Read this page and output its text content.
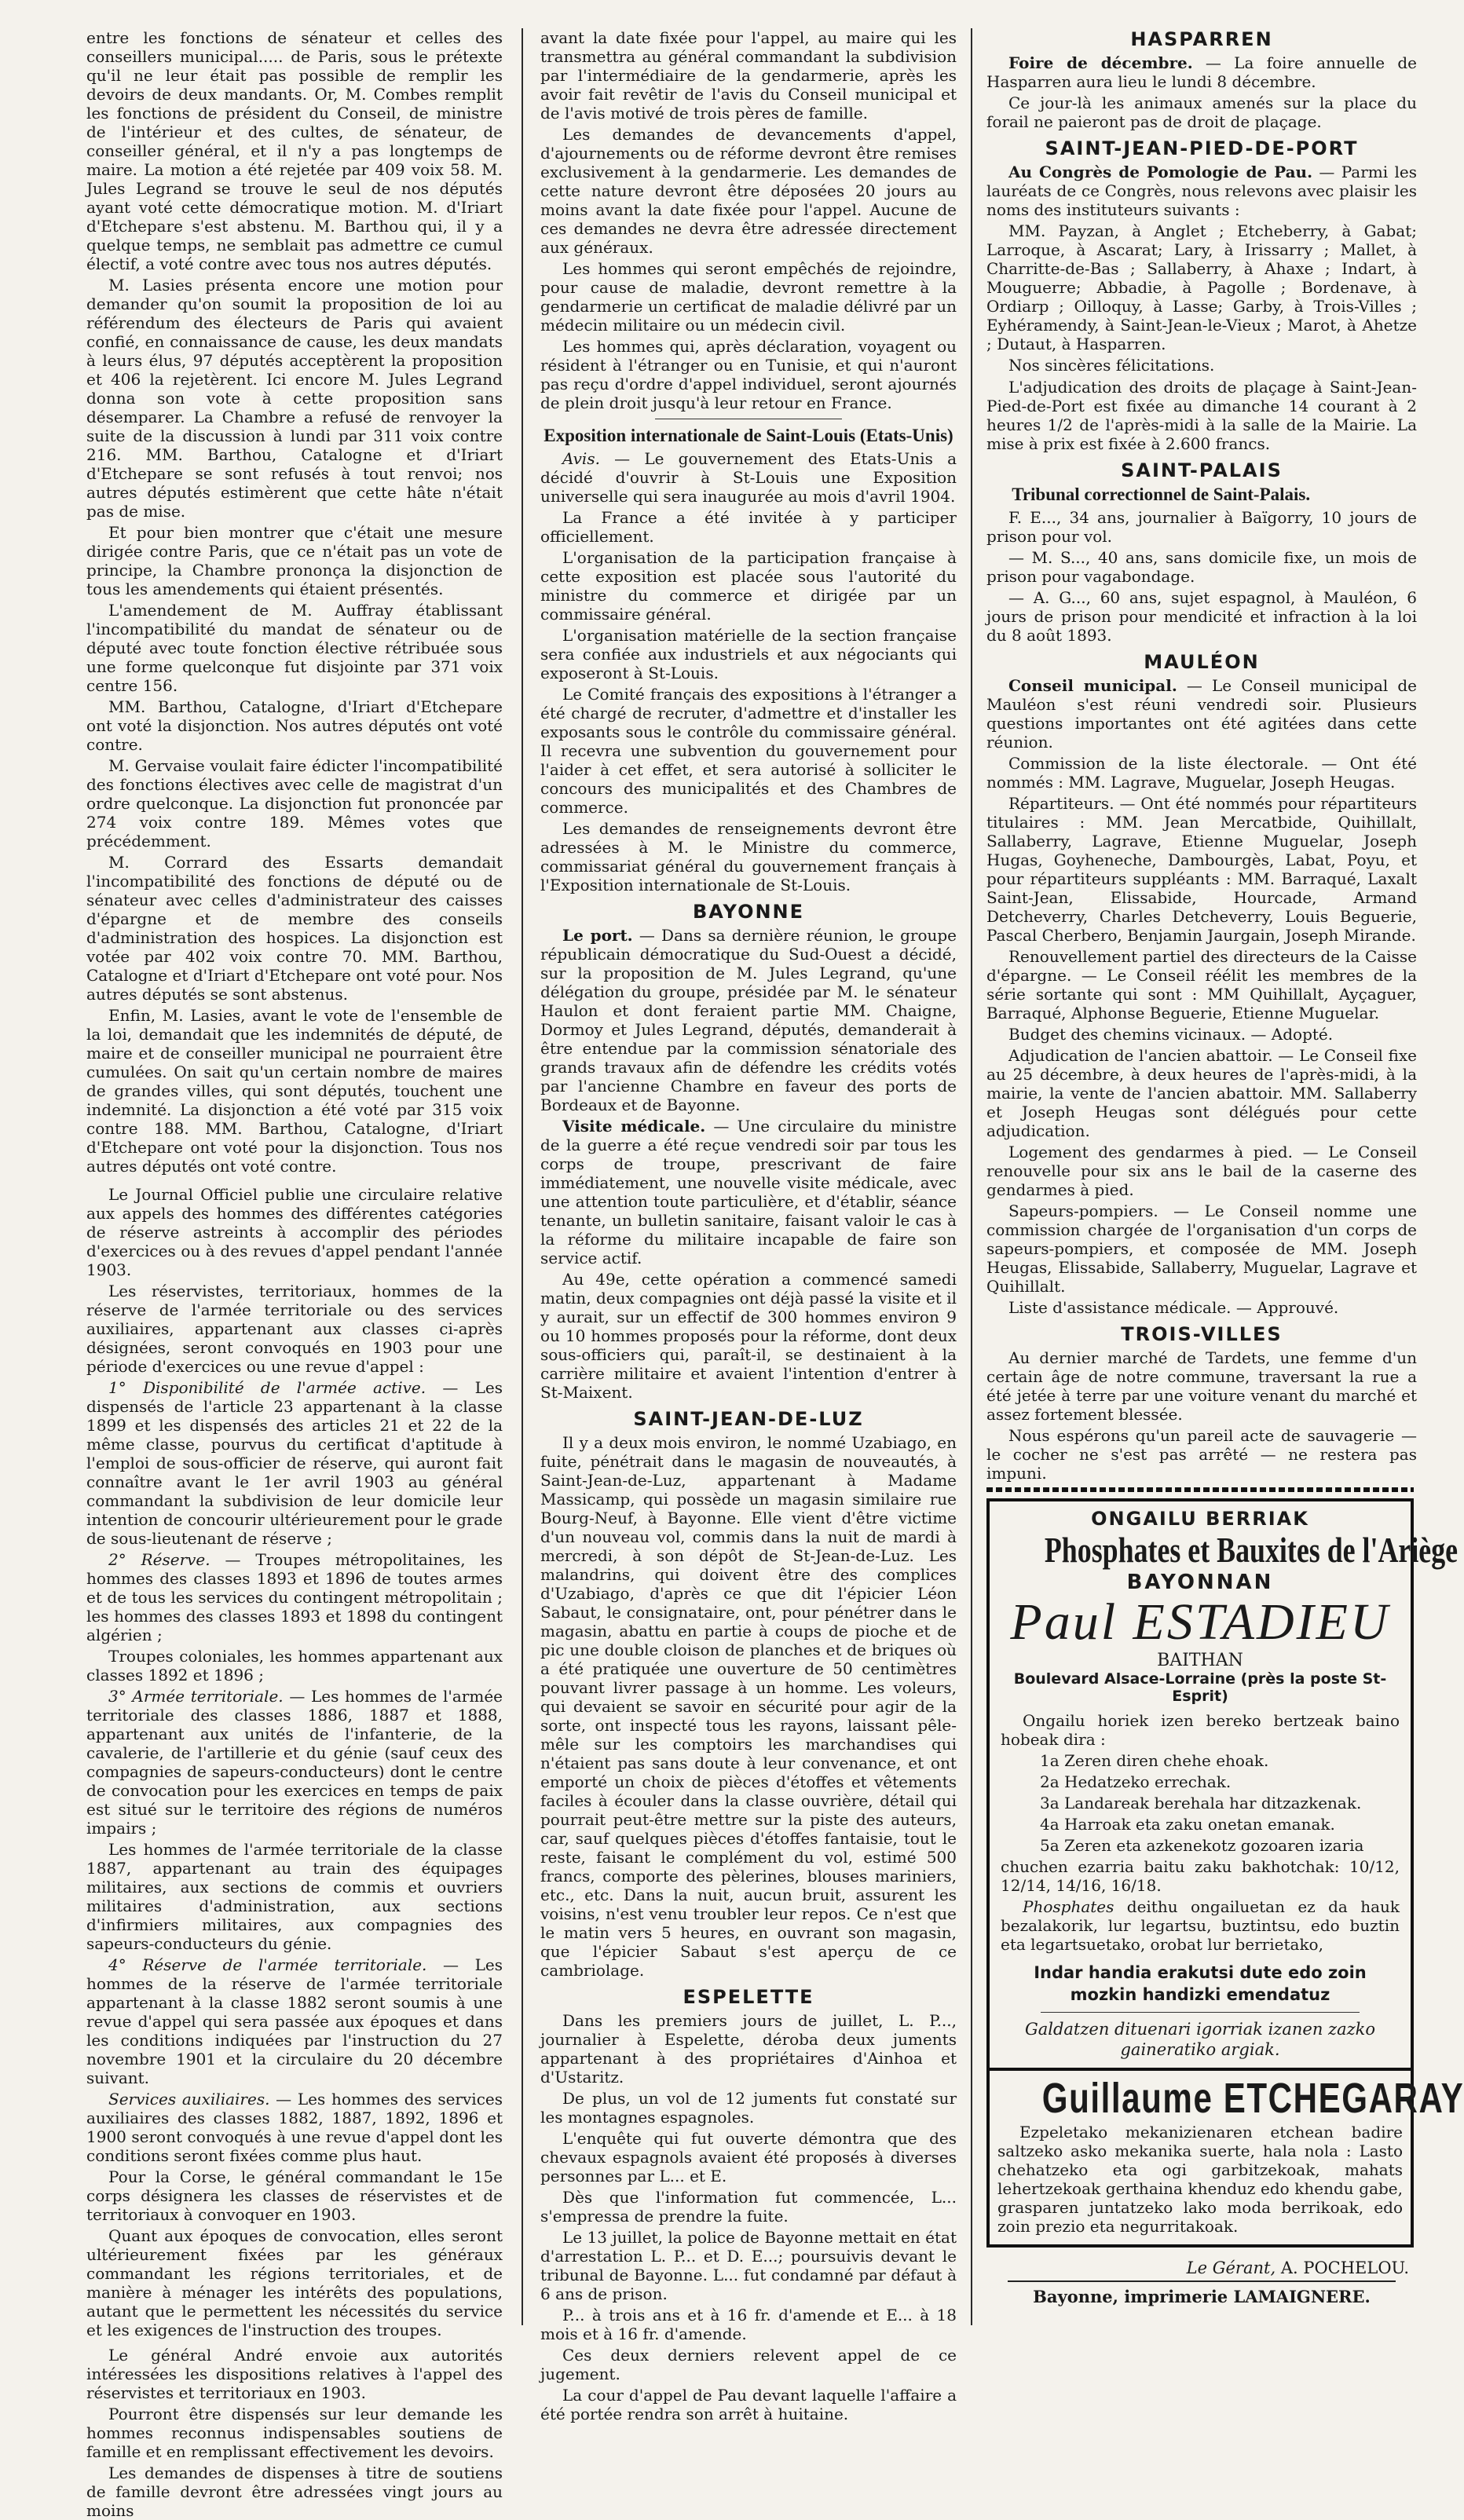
entre les fonctions de sénateur et celles des conseillers municipal..... de Paris, sous le prétexte qu'il ne leur était pas possible de remplir les devoirs de deux mandants. Or, M. Combes remplit les fonctions de président du Conseil, de ministre de l'intérieur et des cultes, de sénateur, de conseiller général, et il n'y a pas longtemps de maire. La motion a été rejetée par 409 voix 58. M. Jules Legrand se trouve le seul de nos députés ayant voté cette démocratique motion. M. d'Iriart d'Etchepare s'est abstenu. M. Barthou qui, il y a quelque temps, ne semblait pas admettre ce cumul électif, a voté contre avec tous nos autres députés.

M. Lasies présenta encore une motion pour demander qu'on soumit la proposition de loi au référendum des électeurs de Paris qui avaient confié, en connaissance de cause, les deux mandats à leurs élus, 97 députés acceptèrent la proposition et 406 la rejetèrent. Ici encore M. Jules Legrand donna son vote à cette proposition sans désemparer. La Chambre a refusé de renvoyer la suite de la discussion à lundi par 311 voix contre 216. MM. Barthou, Catalogne et d'Iriart d'Etchepare se sont refusés à tout renvoi; nos autres députés estimèrent que cette hâte n'était pas de mise.

Et pour bien montrer que c'était une mesure dirigée contre Paris, que ce n'était pas un vote de principe, la Chambre prononça la disjonction de tous les amendements qui étaient présentés.

L'amendement de M. Auffray établissant l'incompatibilité du mandat de sénateur ou de député avec toute fonction élective rétribuée sous une forme quelconque fut disjointe par 371 voix centre 156.

MM. Barthou, Catalogne, d'Iriart d'Etchepare ont voté la disjonction. Nos autres députés ont voté contre.

M. Gervaise voulait faire édicter l'incompatibilité des fonctions électives avec celle de magistrat d'un ordre quelconque. La disjonction fut prononcée par 274 voix contre 189. Mêmes votes que précédemment.

M. Corrard des Essarts demandait l'incompatibilité des fonctions de député ou de sénateur avec celles d'administrateur des caisses d'épargne et de membre des conseils d'administration des hospices. La disjonction est votée par 402 voix contre 70. MM. Barthou, Catalogne et d'Iriart d'Etchepare ont voté pour. Nos autres députés se sont abstenus.

Enfin, M. Lasies, avant le vote de l'ensemble de la loi, demandait que les indemnités de député, de maire et de conseiller municipal ne pourraient être cumulées. On sait qu'un certain nombre de maires de grandes villes, qui sont députés, touchent une indemnité. La disjonction a été voté par 315 voix contre 188. MM. Barthou, Catalogne, d'Iriart d'Etchepare ont voté pour la disjonction. Tous nos autres députés ont voté contre.

Le Journal Officiel publie une circulaire relative aux appels des hommes des différentes catégories de réserve astreints à accomplir des périodes d'exercices ou à des revues d'appel pendant l'année 1903.

Les réservistes, territoriaux, hommes de la réserve de l'armée territoriale ou des services auxiliaires, appartenant aux classes ci-après désignées, seront convoqués en 1903 pour une période d'exercices ou une revue d'appel :

1° Disponibilité de l'armée active. — Les dispensés de l'article 23 appartenant à la classe 1899 et les dispensés des articles 21 et 22 de la même classe, pourvus du certificat d'aptitude à l'emploi de sous-officier de réserve, qui auront fait connaître avant le 1er avril 1903 au général commandant la subdivision de leur domicile leur intention de concourir ultérieurement pour le grade de sous-lieutenant de réserve ;

2° Réserve. — Troupes métropolitaines, les hommes des classes 1893 et 1896 de toutes armes et de tous les services du contingent métropolitain ; les hommes des classes 1893 et 1898 du contingent algérien ;

Troupes coloniales, les hommes appartenant aux classes 1892 et 1896 ;

3° Armée territoriale. — Les hommes de l'armée territoriale des classes 1886, 1887 et 1888, appartenant aux unités de l'infanterie, de la cavalerie, de l'artillerie et du génie (sauf ceux des compagnies de sapeurs-conducteurs) dont le centre de convocation pour les exercices en temps de paix est situé sur le territoire des régions de numéros impairs ;

Les hommes de l'armée territoriale de la classe 1887, appartenant au train des équipages militaires, aux sections de commis et ouvriers militaires d'administration, aux sections d'infirmiers militaires, aux compagnies des sapeurs-conducteurs du génie.

4° Réserve de l'armée territoriale. — Les hommes de la réserve de l'armée territoriale appartenant à la classe 1882 seront soumis à une revue d'appel qui sera passée aux époques et dans les conditions indiquées par l'instruction du 27 novembre 1901 et la circulaire du 20 décembre suivant.

Services auxiliaires. — Les hommes des services auxiliaires des classes 1882, 1887, 1892, 1896 et 1900 seront convoqués à une revue d'appel dont les conditions seront fixées comme plus haut.

Pour la Corse, le général commandant le 15e corps désignera les classes de réservistes et de territoriaux à convoquer en 1903.

Quant aux époques de convocation, elles seront ultérieurement fixées par les généraux commandant les régions territoriales, et de manière à ménager les intérêts des populations, autant que le permettent les nécessités du service et les exigences de l'instruction des troupes.

Le général André envoie aux autorités intéressées les dispositions relatives à l'appel des réservistes et territoriaux en 1903.

Pourront être dispensés sur leur demande les hommes reconnus indispensables soutiens de famille et en remplissant effectivement les devoirs.

Les demandes de dispenses à titre de soutiens de famille devront être adressées vingt jours au moins

avant la date fixée pour l'appel, au maire qui les transmettra au général commandant la subdivision par l'intermédiaire de la gendarmerie, après les avoir fait revêtir de l'avis du Conseil municipal et de l'avis motivé de trois pères de famille.

Les demandes de devancements d'appel, d'ajournements ou de réforme devront être remises exclusivement à la gendarmerie. Les demandes de cette nature devront être déposées 20 jours au moins avant la date fixée pour l'appel. Aucune de ces demandes ne devra être adressée directement aux généraux.

Les hommes qui seront empêchés de rejoindre, pour cause de maladie, devront remettre à la gendarmerie un certificat de maladie délivré par un médecin militaire ou un médecin civil.

Les hommes qui, après déclaration, voyagent ou résident à l'étranger ou en Tunisie, et qui n'auront pas reçu d'ordre d'appel individuel, seront ajournés de plein droit jusqu'à leur retour en France.

Exposition internationale de Saint-Louis (Etats-Unis)

Avis. — Le gouvernement des Etats-Unis a décidé d'ouvrir à St-Louis une Exposition universelle qui sera inaugurée au mois d'avril 1904.

La France a été invitée à y participer officiellement.

L'organisation de la participation française à cette exposition est placée sous l'autorité du ministre du commerce et dirigée par un commissaire général.

L'organisation matérielle de la section française sera confiée aux industriels et aux négociants qui exposeront à St-Louis.

Le Comité français des expositions à l'étranger a été chargé de recruter, d'admettre et d'installer les exposants sous le contrôle du commissaire général. Il recevra une subvention du gouvernement pour l'aider à cet effet, et sera autorisé à solliciter le concours des municipalités et des Chambres de commerce.

Les demandes de renseignements devront être adressées à M. le Ministre du commerce, commissariat général du gouvernement français à l'Exposition internationale de St-Louis.

BAYONNE

Le port. — Dans sa dernière réunion, le groupe républicain démocratique du Sud-Ouest a décidé, sur la proposition de M. Jules Legrand, qu'une délégation du groupe, présidée par M. le sénateur Haulon et dont feraient partie MM. Chaigne, Dormoy et Jules Legrand, députés, demanderait à être entendue par la commission sénatoriale des grands travaux afin de défendre les crédits votés par l'ancienne Chambre en faveur des ports de Bordeaux et de Bayonne.

Visite médicale. — Une circulaire du ministre de la guerre a été reçue vendredi soir par tous les corps de troupe, prescrivant de faire immédiatement, une nouvelle visite médicale, avec une attention toute particulière, et d'établir, séance tenante, un bulletin sanitaire, faisant valoir le cas à la réforme du militaire incapable de faire son service actif.

Au 49e, cette opération a commencé samedi matin, deux compagnies ont déjà passé la visite et il y aurait, sur un effectif de 300 hommes environ 9 ou 10 hommes proposés pour la réforme, dont deux sous-officiers qui, paraît-il, se destinaient à la carrière militaire et avaient l'intention d'entrer à St-Maixent.

SAINT-JEAN-DE-LUZ

Il y a deux mois environ, le nommé Uzabiago, en fuite, pénétrait dans le magasin de nouveautés, à Saint-Jean-de-Luz, appartenant à Madame Massicamp, qui possède un magasin similaire rue Bourg-Neuf, à Bayonne. Elle vient d'être victime d'un nouveau vol, commis dans la nuit de mardi à mercredi, à son dépôt de St-Jean-de-Luz. Les malandrins, qui doivent être des complices d'Uzabiago, d'après ce que dit l'épicier Léon Sabaut, le consignataire, ont, pour pénétrer dans le magasin, abattu en partie à coups de pioche et de pic une double cloison de planches et de briques où a été pratiquée une ouverture de 50 centimètres pouvant livrer passage à un homme. Les voleurs, qui devaient se savoir en sécurité pour agir de la sorte, ont inspecté tous les rayons, laissant pêle-mêle sur les comptoirs les marchandises qui n'étaient pas sans doute à leur convenance, et ont emporté un choix de pièces d'étoffes et vêtements faciles à écouler dans la classe ouvrière, détail qui pourrait peut-être mettre sur la piste des auteurs, car, sauf quelques pièces d'étoffes fantaisie, tout le reste, faisant le complément du vol, estimé 500 francs, comporte des pèlerines, blouses mariniers, etc., etc. Dans la nuit, aucun bruit, assurent les voisins, n'est venu troubler leur repos. Ce n'est que le matin vers 5 heures, en ouvrant son magasin, que l'épicier Sabaut s'est aperçu de ce cambriolage.

ESPELETTE

Dans les premiers jours de juillet, L. P..., journalier à Espelette, déroba deux juments appartenant à des propriétaires d'Ainhoa et d'Ustaritz.

De plus, un vol de 12 juments fut constaté sur les montagnes espagnoles.

L'enquête qui fut ouverte démontra que des chevaux espagnols avaient été proposés à diverses personnes par L... et E.

Dès que l'information fut commencée, L... s'empressa de prendre la fuite.

Le 13 juillet, la police de Bayonne mettait en état d'arrestation L. P... et D. E...; poursuivis devant le tribunal de Bayonne. L... fut condamné par défaut à 6 ans de prison.

P... à trois ans et à 16 fr. d'amende et E... à 18 mois et à 16 fr. d'amende.

Ces deux derniers relevent appel de ce jugement.

La cour d'appel de Pau devant laquelle l'affaire a été portée rendra son arrêt à huitaine.

HASPARREN

Foire de décembre. — La foire annuelle de Hasparren aura lieu le lundi 8 décembre.

Ce jour-là les animaux amenés sur la place du forail ne paieront pas de droit de plaçage.

SAINT-JEAN-PIED-DE-PORT

Au Congrès de Pomologie de Pau. — Parmi les lauréats de ce Congrès, nous relevons avec plaisir les noms des instituteurs suivants :

MM. Payzan, à Anglet ; Etcheberry, à Gabat; Larroque, à Ascarat; Lary, à Irissarry ; Mallet, à Charritte-de-Bas ; Sallaberry, à Ahaxe ; Indart, à Mouguerre; Abbadie, à Pagolle ; Bordenave, à Ordiarp ; Oilloquy, à Lasse; Garby, à Trois-Villes ; Eyhéramendy, à Saint-Jean-le-Vieux ; Marot, à Ahetze ; Dutaut, à Hasparren.

Nos sincères félicitations.

L'adjudication des droits de plaçage à Saint-Jean-Pied-de-Port est fixée au dimanche 14 courant à 2 heures 1/2 de l'après-midi à la salle de la Mairie. La mise à prix est fixée à 2.600 francs.

SAINT-PALAIS
Tribunal correctionnel de Saint-Palais.

F. E..., 34 ans, journalier à Baïgorry, 10 jours de prison pour vol.

— M. S..., 40 ans, sans domicile fixe, un mois de prison pour vagabondage.

— A. G..., 60 ans, sujet espagnol, à Mauléon, 6 jours de prison pour mendicité et infraction à la loi du 8 août 1893.

MAULÉON

Conseil municipal. — Le Conseil municipal de Mauléon s'est réuni vendredi soir. Plusieurs questions importantes ont été agitées dans cette réunion.

Commission de la liste électorale. — Ont été nommés : MM. Lagrave, Muguelar, Joseph Heugas.

Répartiteurs. — Ont été nommés pour répartiteurs titulaires : MM. Jean Mercatbide, Quihillalt, Sallaberry, Lagrave, Etienne Muguelar, Joseph Hugas, Goyheneche, Dambourgès, Labat, Poyu, et pour répartiteurs suppléants : MM. Barraqué, Laxalt Saint-Jean, Elissabide, Hourcade, Armand Detcheverry, Charles Detcheverry, Louis Beguerie, Pascal Cherbero, Benjamin Jaurgain, Joseph Mirande.

Renouvellement partiel des directeurs de la Caisse d'épargne. — Le Conseil réélit les membres de la série sortante qui sont : MM Quihillalt, Ayçaguer, Barraqué, Alphonse Beguerie, Etienne Muguelar.

Budget des chemins vicinaux. — Adopté.

Adjudication de l'ancien abattoir. — Le Conseil fixe au 25 décembre, à deux heures de l'après-midi, à la mairie, la vente de l'ancien abattoir. MM. Sallaberry et Joseph Heugas sont délégués pour cette adjudication.

Logement des gendarmes à pied. — Le Conseil renouvelle pour six ans le bail de la caserne des gendarmes à pied.

Sapeurs-pompiers. — Le Conseil nomme une commission chargée de l'organisation d'un corps de sapeurs-pompiers, et composée de MM. Joseph Heugas, Elissabide, Sallaberry, Muguelar, Lagrave et Quihillalt.

Liste d'assistance médicale. — Approuvé.

TROIS-VILLES

Au dernier marché de Tardets, une femme d'un certain âge de notre commune, traversant la rue a été jetée à terre par une voiture venant du marché et assez fortement blessée.

Nous espérons qu'un pareil acte de sauvagerie — le cocher ne s'est pas arrêté — ne restera pas impuni.

ONGAILU BERRIAK
Phosphates et Bauxites de l'Ariège
BAYONNAN
Paul ESTADIEU
BAITHAN
Boulevard Alsace-Lorraine (près la poste St-Esprit)

Ongailu horiek izen bereko bertzeak baino hobeak dira :

1a Zeren diren chehe ehoak.

2a Hedatzeko errechak.

3a Landareak berehala har ditzazkenak.

4a Harroak eta zaku onetan emanak.

5a Zeren eta azkenekotz gozoaren izaria

chuchen ezarria baitu zaku bakhotchak: 10/12, 12/14, 14/16, 16/18.

Phosphates deithu ongailuetan ez da hauk bezalakorik, lur legartsu, buztintsu, edo buztin eta legartsuetako, orobat lur berrietako,

Indar handia erakutsi dute edo zoin mozkin handizki emendatuz
Galdatzen dituenari igorriak izanen zazko gaineratiko argiak.
Guillaume ETCHEGARAY

Ezpeletako mekanizienaren etchean badire saltzeko asko mekanika suerte, hala nola : Lasto chehatzeko eta ogi garbitzekoak, mahats lehertzekoak gerthaina khenduz edo khendu gabe, grasparen juntatzeko lako moda berrikoak, edo zoin prezio eta negurritakoak.

Le Gérant, A. POCHELOU.
Bayonne, imprimerie LAMAIGNERE.
